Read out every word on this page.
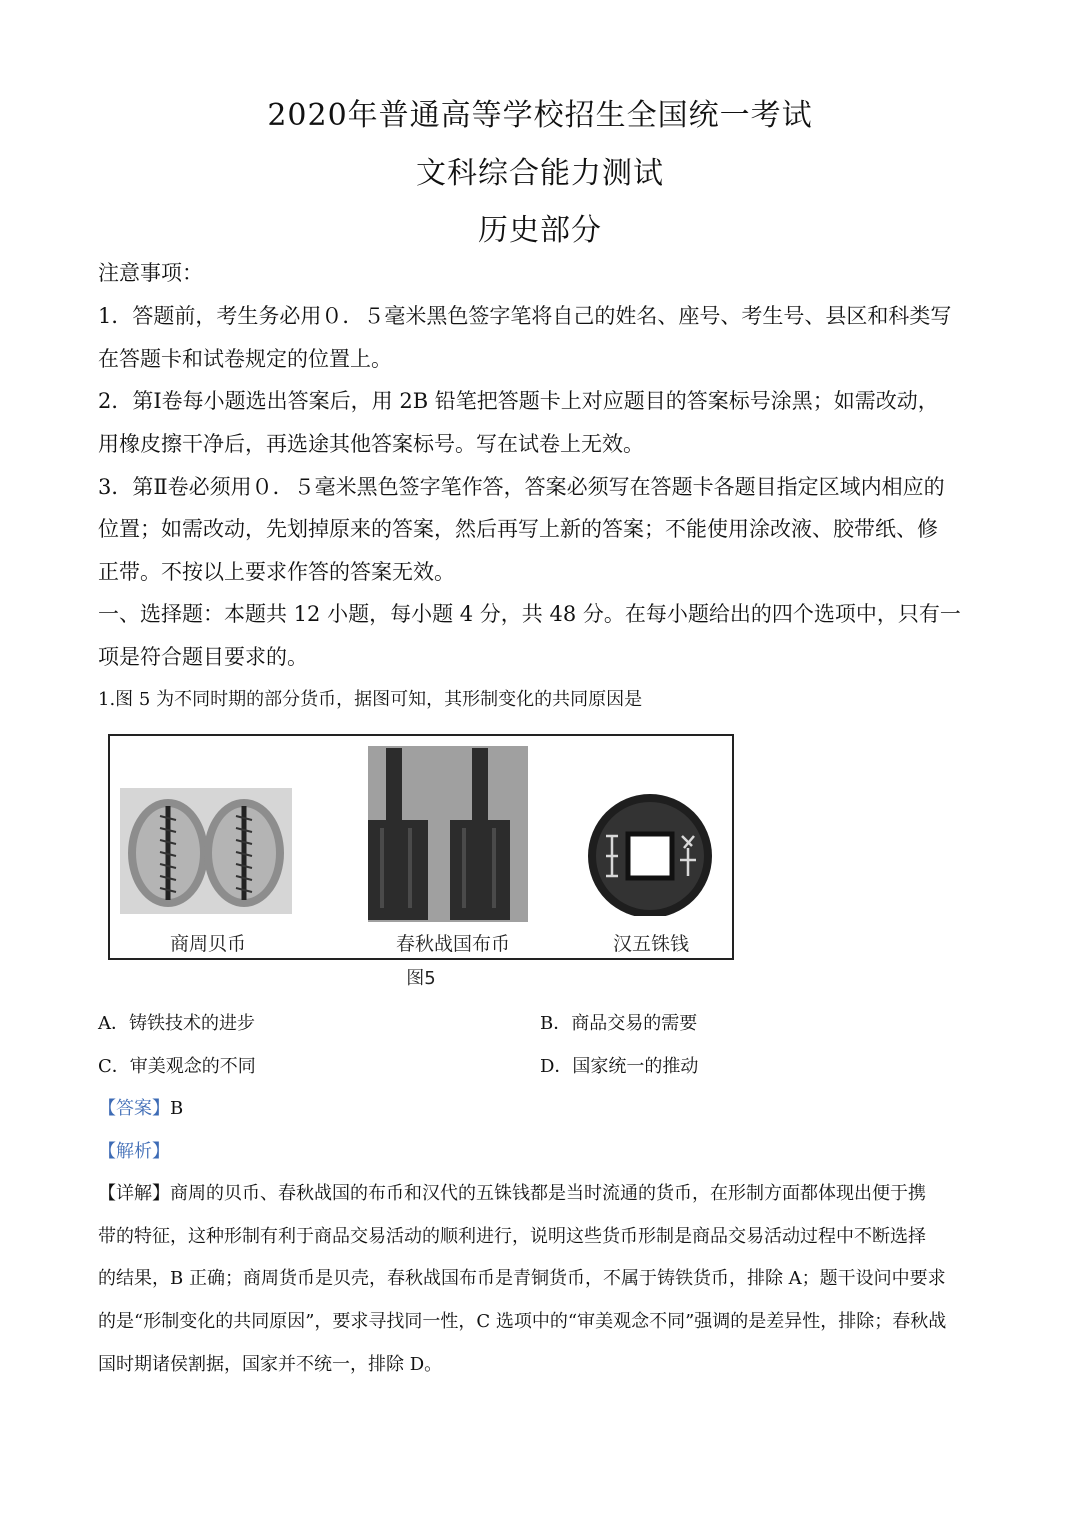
2020年普通高等学校招生全国统一考试
文科综合能力测试
历史部分

注意事项：

1．答题前，考生务必用０．５毫米黑色签字笔将自己的姓名、座号、考生号、县区和科类写

在答题卡和试卷规定的位置上。

2．第Ⅰ卷每小题选出答案后，用 2B 铅笔把答题卡上对应题目的答案标号涂黑；如需改动，

用橡皮擦干净后，再选途其他答案标号。写在试卷上无效。

3．第Ⅱ卷必须用０．５毫米黑色签字笔作答，答案必须写在答题卡各题目指定区域内相应的

位置；如需改动，先划掉原来的答案，然后再写上新的答案；不能使用涂改液、胶带纸、修

正带。不按以上要求作答的答案无效。

一、选择题：本题共 12 小题，每小题 4 分，共 48 分。在每小题给出的四个选项中，只有一

项是符合题目要求的。

1.图 5 为不同时期的部分货币，据图可知，其形制变化的共同原因是

商周贝币	春秋战国布币	汉五铢钱
图5

A．铸铁技术的进步	B．商品交易的需要

C．审美观念的不同	D．国家统一的推动

【答案】B

【解析】

【详解】商周的贝币、春秋战国的布币和汉代的五铢钱都是当时流通的货币，在形制方面都体现出便于携

带的特征，这种形制有利于商品交易活动的顺利进行，说明这些货币形制是商品交易活动过程中不断选择

的结果，B 正确；商周货币是贝壳，春秋战国布币是青铜货币，不属于铸铁货币，排除 A；题干设问中要求

的是“形制变化的共同原因”，要求寻找同一性，C 选项中的“审美观念不同”强调的是差异性，排除；春秋战

国时期诸侯割据，国家并不统一，排除 D。
